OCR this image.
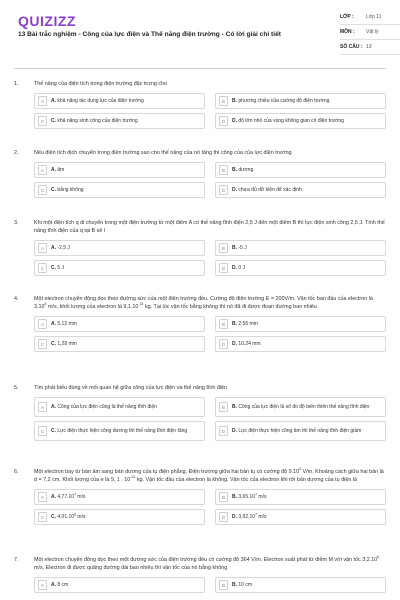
QUIZIZZ
13 Bài trắc nghiệm - Công của lực điện và Thế năng điện trường - Có lời giải chi tiết
LỚP :	Lớp 11
MÔN :	Vật lý
SỐ CÂU : 13
1.	Thế năng của điện tích trong điện trường đặc trưng cho
A	A. khả năng tác dụng lực của điện trường	B	B. phương chiều của cường độ điện trường
C	C. khả năng sinh công của điện trường	D	D. độ lớn nhỏ của vùng không gian có điện trường
2.	Nếu điện tích dịch chuyển trong điện trường sao cho thế năng của nó tăng thì công của của lực điện trường
A	A. âm	B	B. dương
C	C. bằng không	D	D. chưa đủ dữ kiện để xác định
3.	Khi một điện tích q di chuyển trong một điện trường từ một điểm A có thế năng tĩnh điện 2,5 J đến một điểm B thì lực điện sinh công 2,5 J. Tính thế năng tĩnh điện của q tại B sẽ l
A	A. -2,5 J	B	B. -5 J
C	C. 5 J	D	D. 0 J
4.	Một electron chuyển động dọc theo đường sức của một điện trường đều. Cường độ điện trường E = 200V/m. Vận tốc ban đầu của electron là 3.10$^5$ m/s, khối lượng của electron là $9,1.10^{-31}$ kg. Tại lúc vận tốc bằng không thì nó đã đi được đoạn đường bao nhiêu
A	A. 5,12 mm	B	B. 2,56 mm
C	C. 1,28 mm	D	D. 10,24 mm
5.	Tìm phát biểu đúng về mối quan hệ giữa công của lực điện và thế năng tĩnh điện
A	A. Công của lực điện cũng là thế năng tĩnh điện	B	B. Công của lực điện là số đo độ biến thiên thế năng tĩnh điện
C	C. Lực điện thực hiện công dương thì thế năng tĩnh điện tăng	D	D. Lực điện thực hiện công âm thì thế năng tĩnh điện giảm
6.	Một electron bay từ bản âm sang bản dương của tụ điện phẳng. Điện trường giữa hai bản tụ có cường độ 9.10$^4$ V/m. Khoảng cách giữa hai bản là d = 7,2 cm. Khối lượng của e là 9, 1 . $10^{-31}$ kg. Vận tốc đầu của electron là không. Vận tốc của electron khi tới bản dương của tụ điện là
A	A. 4,77.10$^7$ m/s	B	B. 3,65.10$^7$ m/s
C	C. 4,01.10$^6$ m/s	D	D. 3,92.10$^7$ m/s
7.	Một electron chuyển động dọc theo một đường sức của điện trường đều có cường độ 364 V/m. Electron xuất phát từ điểm M với vận tốc 3,2.10$^6$ m/s. Electron đi được quãng đường dài bao nhiêu thì vận tốc của nó bằng không
A	A. 8 cm	B	B. 10 cm
